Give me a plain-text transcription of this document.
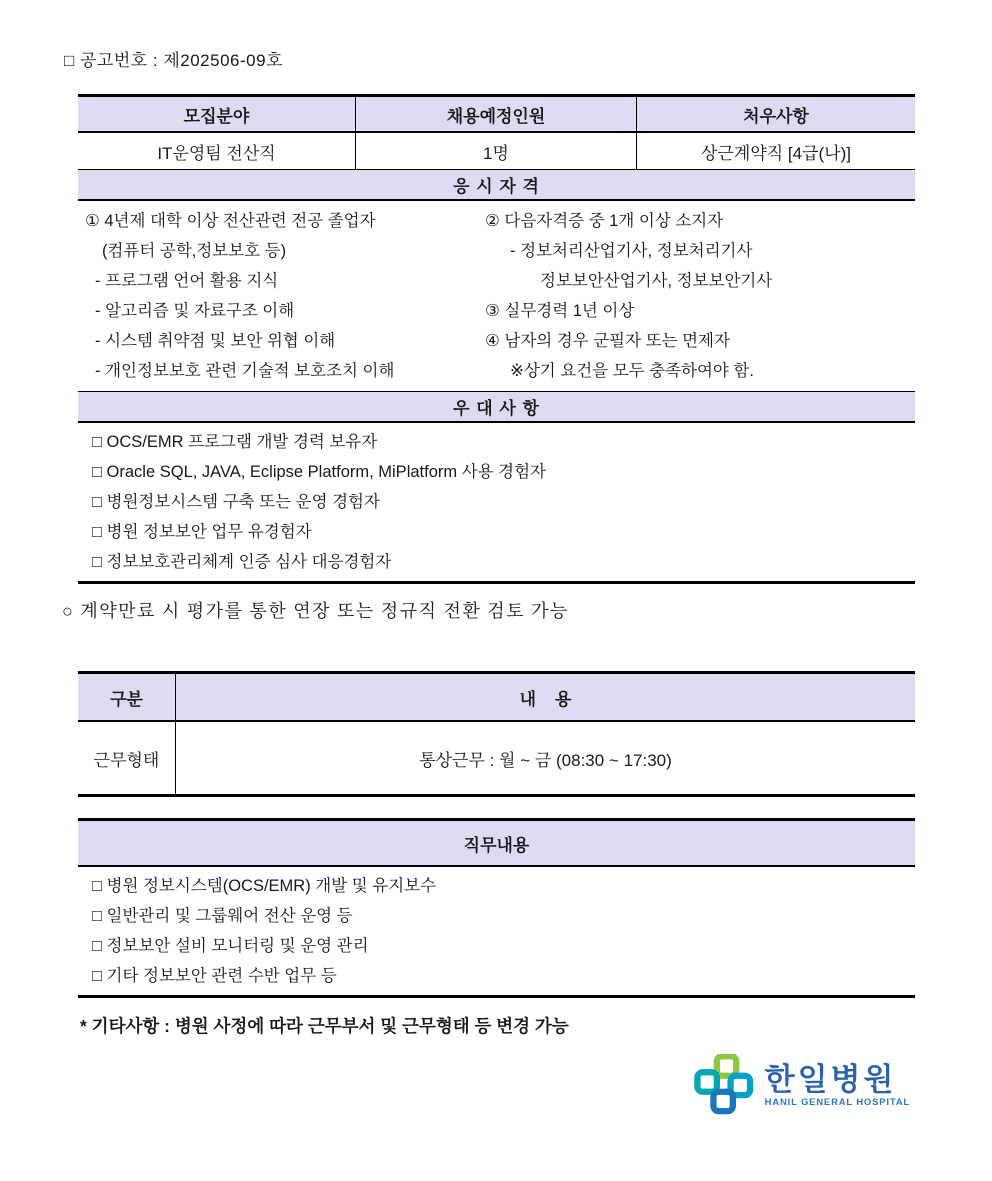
□ 공고번호 : 제202506-09호
모집분야	채용예정인원	처우사항
IT운영팀 전산직	1명	상근계약직 [4급(나)]
응 시 자 격
① 4년제 대학 이상 전산관련 전공 졸업자
(컴퓨터 공학,정보보호 등)
- 프로그램 언어 활용 지식
- 알고리즘 및 자료구조 이해
- 시스템 취약점 및 보안 위협 이해
- 개인정보보호 관련 기술적 보호조치 이해
② 다음자격증 중 1개 이상 소지자
- 정보처리산업기사, 정보처리기사
정보보안산업기사, 정보보안기사
③ 실무경력 1년 이상
④ 남자의 경우 군필자 또는 면제자
※상기 요건을 모두 충족하여야 함.
우 대 사 항
□ OCS/EMR 프로그램 개발 경력 보유자
□ Oracle SQL, JAVA, Eclipse Platform, MiPlatform 사용 경험자
□ 병원정보시스템 구축 또는 운영 경험자
□ 병원 정보보안 업무 유경험자
□ 정보보호관리체계 인증 심사 대응경험자
○ 계약만료 시 평가를 통한 연장 또는 정규직 전환 검토 가능
구분	내    용
근무형태	통상근무 : 월 ~ 금 (08:30 ~ 17:30)
직무내용
□ 병원 정보시스템(OCS/EMR) 개발 및 유지보수
□ 일반관리 및 그룹웨어 전산 운영 등
□ 정보보안 설비 모니터링 및 운영 관리
□ 기타 정보보안 관련 수반 업무 등
* 기타사항 : 병원 사정에 따라 근무부서 및 근무형태 등 변경 가능
한일병원
HANIL GENERAL HOSPITAL
